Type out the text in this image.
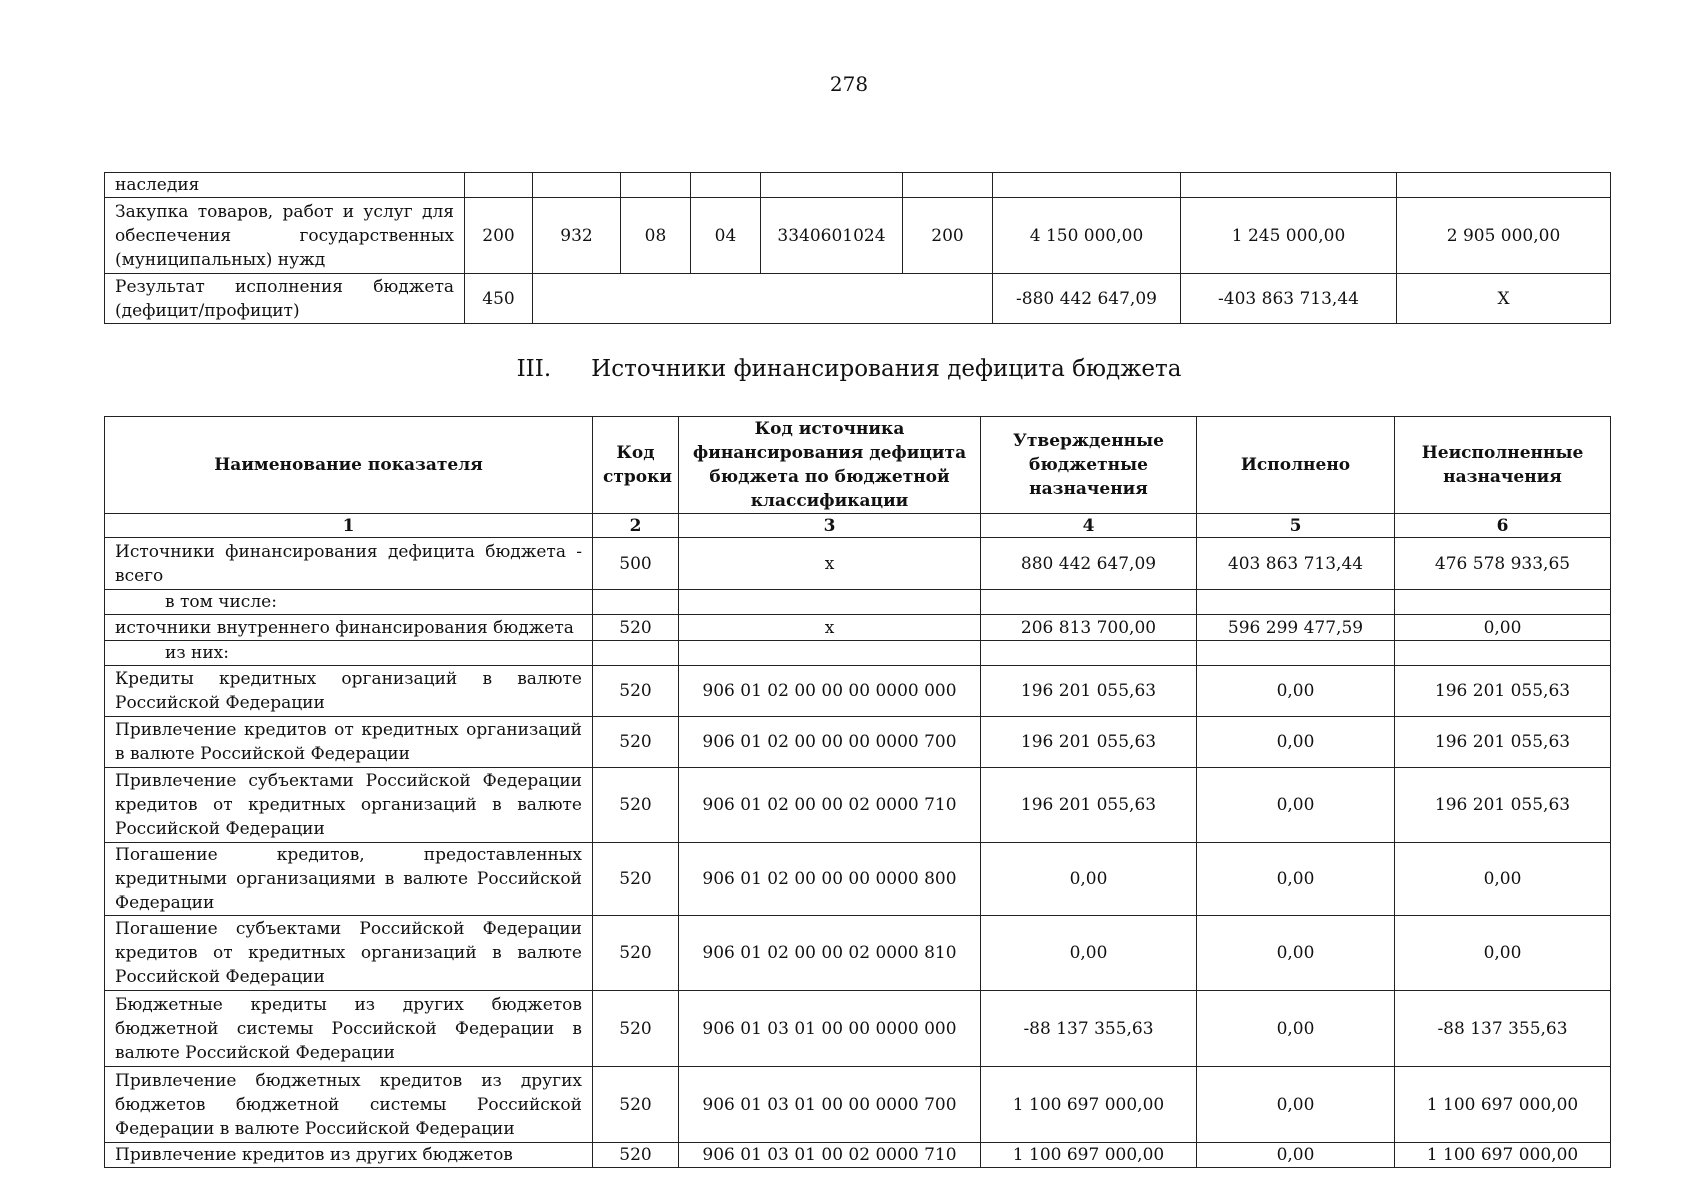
278
наследия									
Закупка товаров, работ и услуг для обеспечения государственных (муниципальных) нужд	200	932	08	04	3340601024	200	4 150 000,00	1 245 000,00	2 905 000,00
Результат исполнения бюджета (дефицит/профицит)	450						-880 442 647,09	-403 863 713,44	Х
III. Источники финансирования дефицита бюджета
Наименование показателя	Код строки	Код источника финансирования дефицита бюджета по бюджетной классификации	Утвержденные бюджетные назначения	Исполнено	Неисполненные назначения
1	2	3	4	5	6
Источники финансирования дефицита бюджета - всего	500	х	880 442 647,09	403 863 713,44	476 578 933,65
в том числе:					
источники внутреннего финансирования бюджета	520	х	206 813 700,00	596 299 477,59	0,00
из них:					
Кредиты кредитных организаций в валюте Российской Федерации	520	906 01 02 00 00 00 0000 000	196 201 055,63	0,00	196 201 055,63
Привлечение кредитов от кредитных организаций в валюте Российской Федерации	520	906 01 02 00 00 00 0000 700	196 201 055,63	0,00	196 201 055,63
Привлечение субъектами Российской Федерации кредитов от кредитных организаций в валюте Российской Федерации	520	906 01 02 00 00 02 0000 710	196 201 055,63	0,00	196 201 055,63
Погашение кредитов, предоставленных кредитными организациями в валюте Российской Федерации	520	906 01 02 00 00 00 0000 800	0,00	0,00	0,00
Погашение субъектами Российской Федерации кредитов от кредитных организаций в валюте Российской Федерации	520	906 01 02 00 00 02 0000 810	0,00	0,00	0,00
Бюджетные кредиты из других бюджетов бюджетной системы Российской Федерации в валюте Российской Федерации	520	906 01 03 01 00 00 0000 000	-88 137 355,63	0,00	-88 137 355,63
Привлечение бюджетных кредитов из других бюджетов бюджетной системы Российской Федерации в валюте Российской Федерации	520	906 01 03 01 00 00 0000 700	1 100 697 000,00	0,00	1 100 697 000,00
Привлечение кредитов из других бюджетов	520	906 01 03 01 00 02 0000 710	1 100 697 000,00	0,00	1 100 697 000,00
